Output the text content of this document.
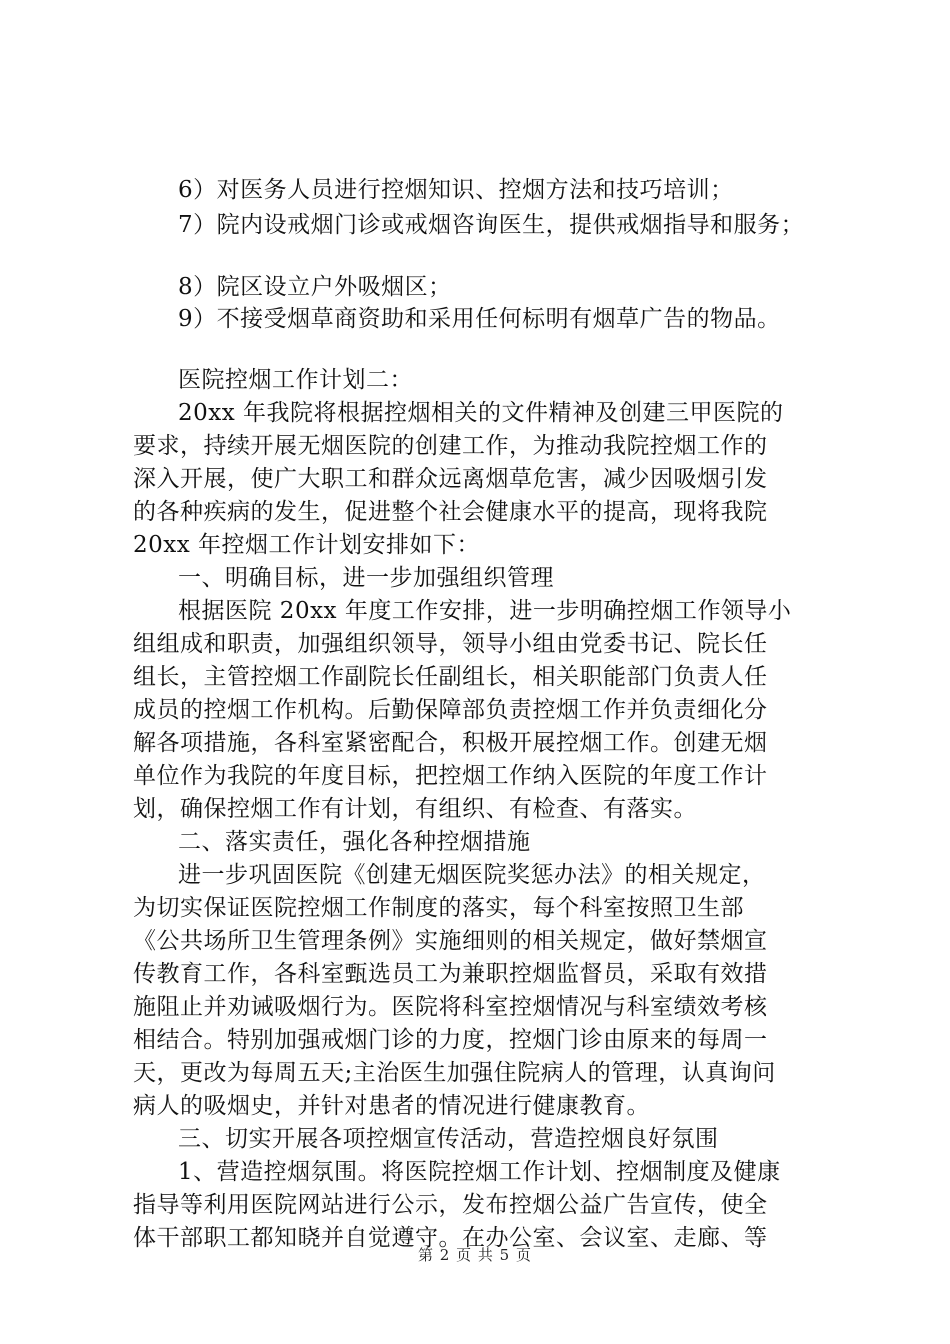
6）对医务人员进行控烟知识、控烟方法和技巧培训；
7）院内设戒烟门诊或戒烟咨询医生，提供戒烟指导和服务；
8）院区设立户外吸烟区；
9）不接受烟草商资助和采用任何标明有烟草广告的物品。
医院控烟工作计划二：
20xx 年我院将根据控烟相关的文件精神及创建三甲医院的
要求，持续开展无烟医院的创建工作，为推动我院控烟工作的
深入开展，使广大职工和群众远离烟草危害，减少因吸烟引发
的各种疾病的发生，促进整个社会健康水平的提高，现将我院
20xx 年控烟工作计划安排如下：
一、明确目标，进一步加强组织管理
根据医院 20xx 年度工作安排，进一步明确控烟工作领导小
组组成和职责，加强组织领导，领导小组由党委书记、院长任
组长，主管控烟工作副院长任副组长，相关职能部门负责人任
成员的控烟工作机构。后勤保障部负责控烟工作并负责细化分
解各项措施，各科室紧密配合，积极开展控烟工作。创建无烟
单位作为我院的年度目标，把控烟工作纳入医院的年度工作计
划，确保控烟工作有计划，有组织、有检查、有落实。
二、落实责任，强化各种控烟措施
进一步巩固医院《创建无烟医院奖惩办法》的相关规定，
为切实保证医院控烟工作制度的落实，每个科室按照卫生部
《公共场所卫生管理条例》实施细则的相关规定，做好禁烟宣
传教育工作，各科室甄选员工为兼职控烟监督员，采取有效措
施阻止并劝诫吸烟行为。医院将科室控烟情况与科室绩效考核
相结合。特别加强戒烟门诊的力度，控烟门诊由原来的每周一
天，更改为每周五天;主治医生加强住院病人的管理，认真询问
病人的吸烟史，并针对患者的情况进行健康教育。
三、切实开展各项控烟宣传活动，营造控烟良好氛围
1、营造控烟氛围。将医院控烟工作计划、控烟制度及健康
指导等利用医院网站进行公示，发布控烟公益广告宣传，使全
体干部职工都知晓并自觉遵守。在办公室、会议室、走廊、等
第 2 页 共 5 页
